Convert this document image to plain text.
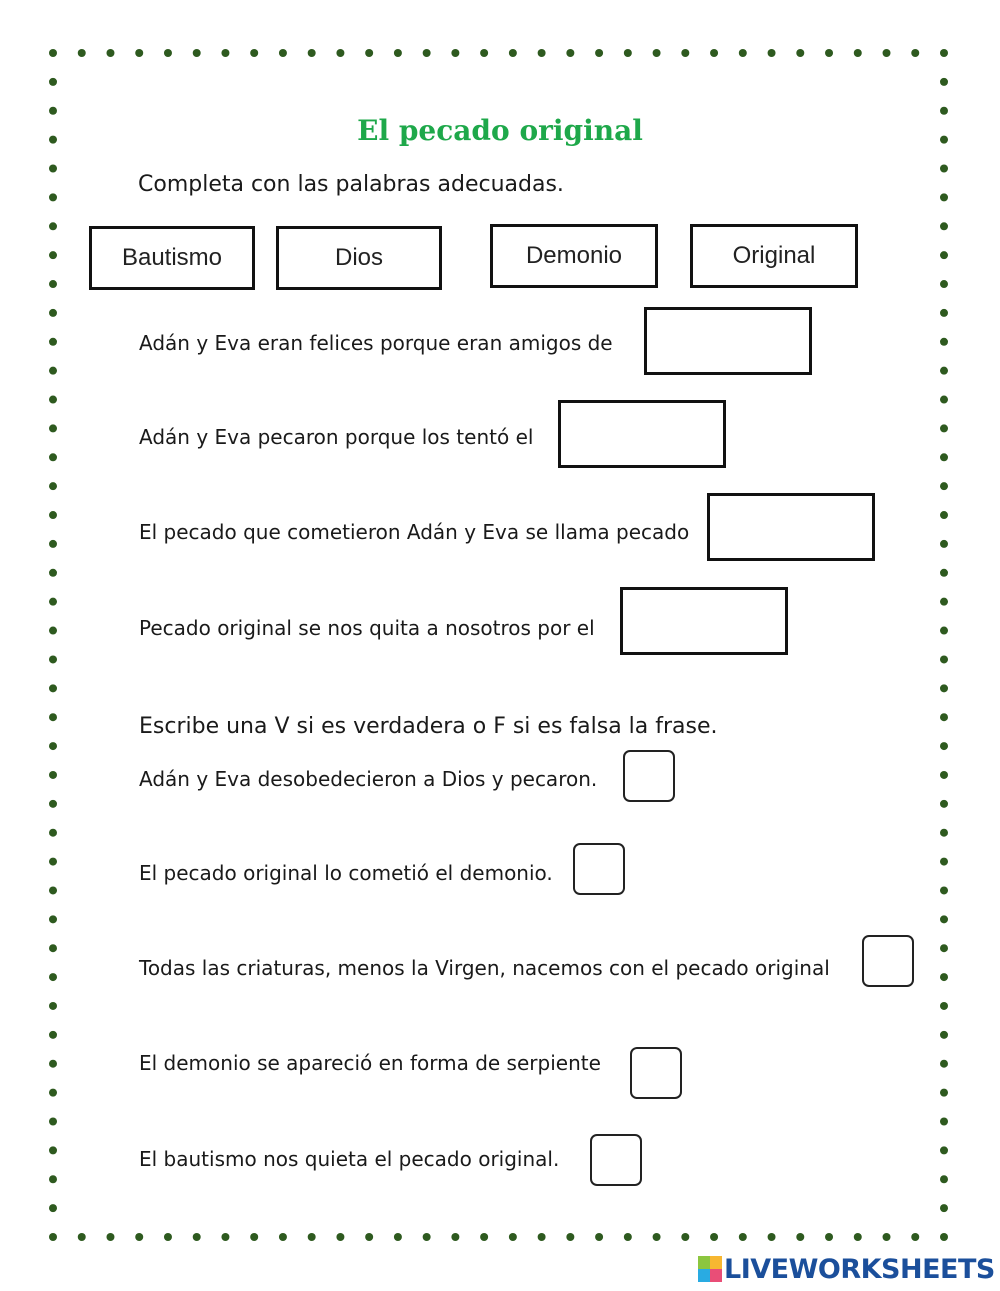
El pecado original
Completa con las palabras adecuadas.
Bautismo	Dios	Demonio	Original
Adán y Eva eran felices porque eran amigos de
Adán y Eva pecaron porque los tentó el
El pecado que cometieron Adán y Eva se llama pecado
Pecado original se nos quita a nosotros por el
Escribe una V si es verdadera o F si es falsa la frase.
Adán y Eva desobedecieron a Dios y pecaron.
El pecado original lo cometió el demonio.
Todas las criaturas, menos la Virgen, nacemos con el pecado original
El demonio se apareció en forma de serpiente
El bautismo nos quieta el pecado original.
LIVEWORKSHEETS
